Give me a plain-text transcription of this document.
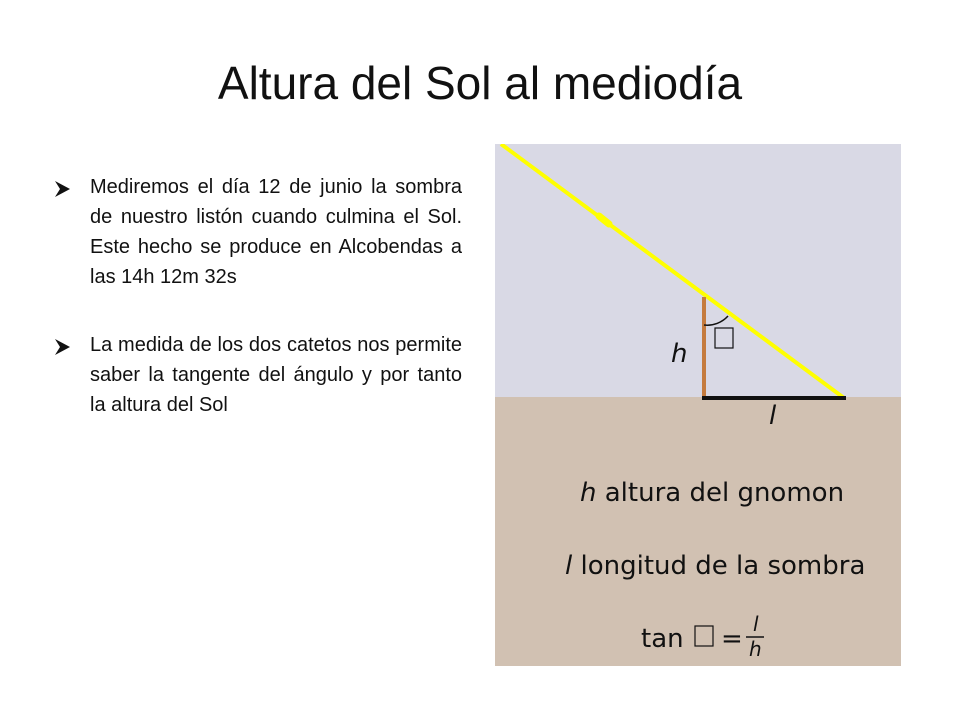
Altura del Sol al mediodía
Mediremos el día 12 de junio la sombra de nuestro listón cuando culmina el Sol. Este hecho se produce en Alcobendas a las 14h 12m 32s
La medida de los dos catetos nos permite saber la tangente del ángulo y por tanto la altura del Sol
h
l
h altura del gnomon
l longitud de la sombra
tan = l
h
